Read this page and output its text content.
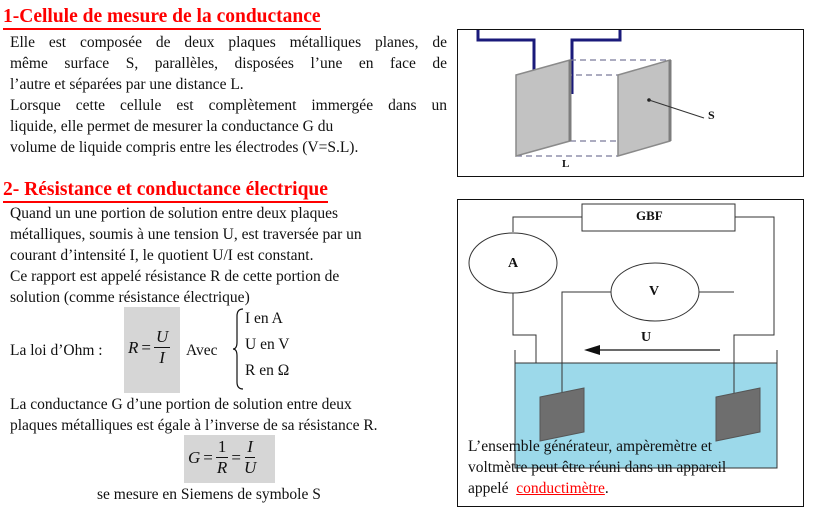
1-Cellule de mesure de la conductance
Elle est composée de deux plaques métalliques planes, de
même surface S, parallèles, disposées l’une en face de
l’autre et séparées par une distance L.
Lorsque cette cellule est complètement immergée dans un
liquide, elle permet de mesurer la conductance G du
volume de liquide compris entre les électrodes (V=S.L).
S
L
2- Résistance et conductance électrique
Quand un une portion de solution entre deux plaques
métalliques, soumis à une tension U, est traversée par un
courant d’intensité I, le quotient U/I est constant.
Ce rapport est appelé résistance R de cette portion de
solution (comme résistance électrique)
La loi d’Ohm : $R = \frac{U}{I}$ Avec
I en A
U en V
R en Ω
La conductance G d’une portion de solution entre deux
plaques métalliques est égale à l’inverse de sa résistance R.
$G = \frac{1}{R} = \frac{I}{U}$
se mesure en Siemens de symbole S
GBF
A
V
U
L’ensemble générateur, ampèremètre et
voltmètre peut être réuni dans un appareil
appelé conductimètre.
